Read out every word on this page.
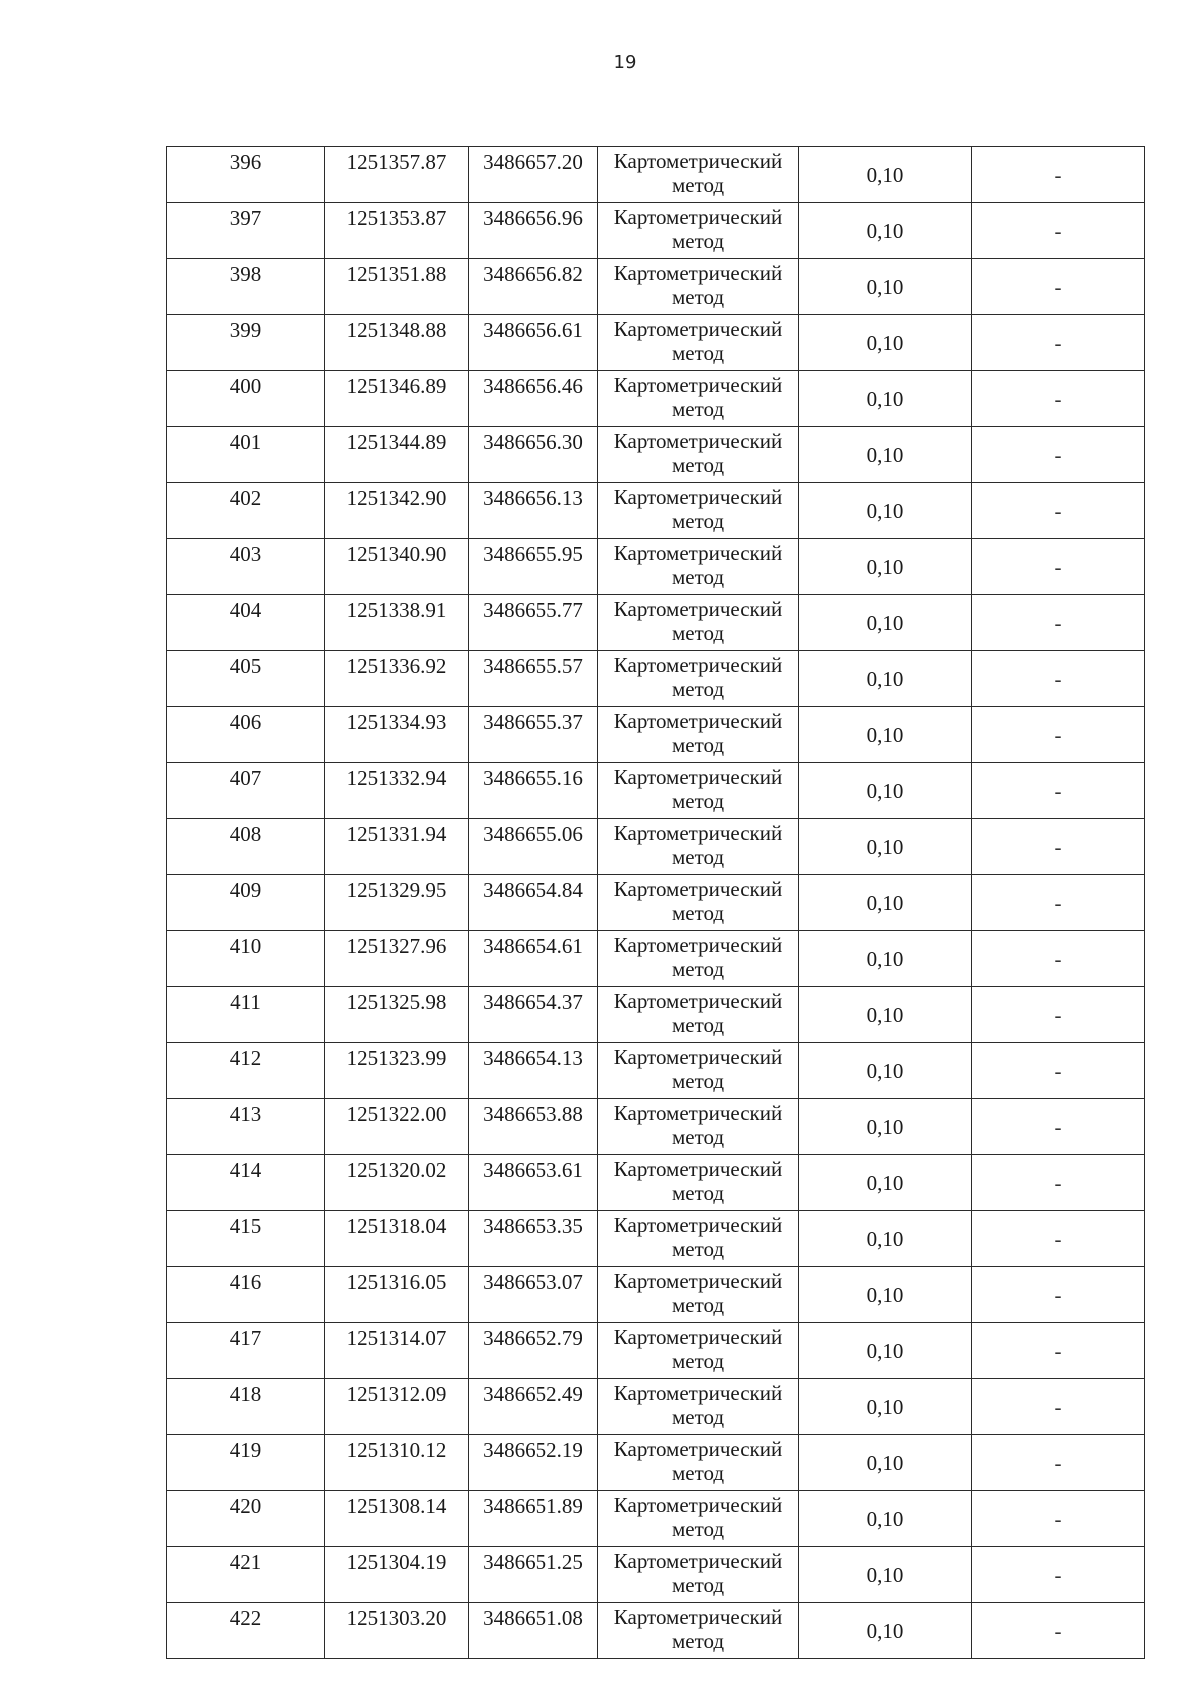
19
396	1251357.87	3486657.20	Картометрический
метод	0,10	-
397	1251353.87	3486656.96	Картометрический
метод	0,10	-
398	1251351.88	3486656.82	Картометрический
метод	0,10	-
399	1251348.88	3486656.61	Картометрический
метод	0,10	-
400	1251346.89	3486656.46	Картометрический
метод	0,10	-
401	1251344.89	3486656.30	Картометрический
метод	0,10	-
402	1251342.90	3486656.13	Картометрический
метод	0,10	-
403	1251340.90	3486655.95	Картометрический
метод	0,10	-
404	1251338.91	3486655.77	Картометрический
метод	0,10	-
405	1251336.92	3486655.57	Картометрический
метод	0,10	-
406	1251334.93	3486655.37	Картометрический
метод	0,10	-
407	1251332.94	3486655.16	Картометрический
метод	0,10	-
408	1251331.94	3486655.06	Картометрический
метод	0,10	-
409	1251329.95	3486654.84	Картометрический
метод	0,10	-
410	1251327.96	3486654.61	Картометрический
метод	0,10	-
411	1251325.98	3486654.37	Картометрический
метод	0,10	-
412	1251323.99	3486654.13	Картометрический
метод	0,10	-
413	1251322.00	3486653.88	Картометрический
метод	0,10	-
414	1251320.02	3486653.61	Картометрический
метод	0,10	-
415	1251318.04	3486653.35	Картометрический
метод	0,10	-
416	1251316.05	3486653.07	Картометрический
метод	0,10	-
417	1251314.07	3486652.79	Картометрический
метод	0,10	-
418	1251312.09	3486652.49	Картометрический
метод	0,10	-
419	1251310.12	3486652.19	Картометрический
метод	0,10	-
420	1251308.14	3486651.89	Картометрический
метод	0,10	-
421	1251304.19	3486651.25	Картометрический
метод	0,10	-
422	1251303.20	3486651.08	Картометрический
метод	0,10	-
